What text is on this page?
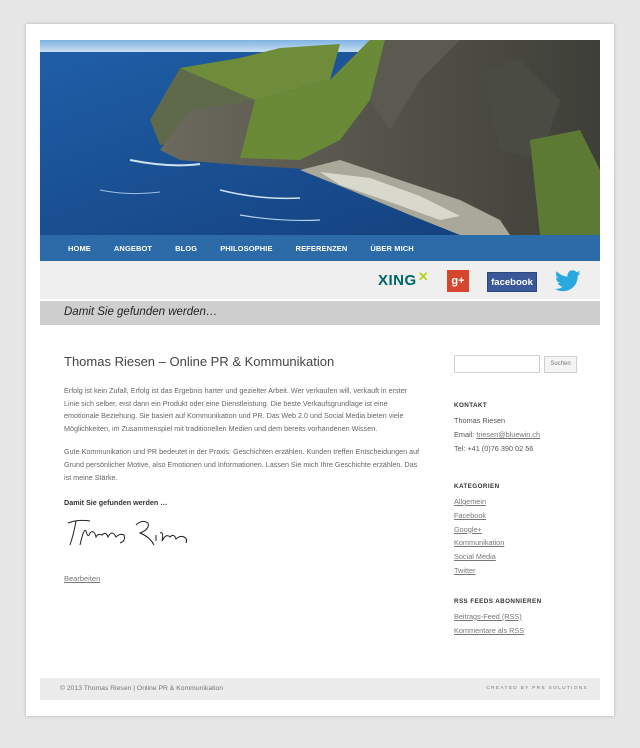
HOME	ANGEBOT	BLOG	PHILOSOPHIE	REFERENZEN	ÜBER MICH
XING✕	g+	facebook
Damit Sie gefunden werden…
Thomas Riesen – Online PR & Kommunikation

Erfolg ist kein Zufall, Erfolg ist das Ergebnis harter und gezielter Arbeit. Wer verkaufen will, verkauft in erster Linie sich selber, erst dann ein Produkt oder eine Dienstleistung. Die beste Verkaufsgrundlage ist eine emotionale Beziehung. Sie basiert auf Kommunikation und PR. Das Web 2.0 und Social Media bieten viele Möglichkeiten, im Zusammenspiel mit traditionellen Medien und dem bereits vorhandenen Wissen.

Gute Kommunikation und PR bedeutet in der Praxis: Geschichten erzählen. Kunden treffen Entscheidungen auf Grund persönlicher Motive, also Emotionen und Informationen. Lassen Sie mich Ihre Geschichte erzählen. Das ist meine Stärke.

Damit Sie gefunden werden …

Bearbeiten
Suchen

KONTAKT

Thomas Riesen
Email: triesen@bluewin.ch
Tel: +41 (0)76 390 02 56

KATEGORIEN

Allgemein
Facebook
Google+
Kommunikation
Social Media
Twitter

RSS FEEDS ABONNIEREN

Beitrags-Feed (RSS)
Kommentare als RSS
© 2013 Thomas Riesen | Online PR & Kommunikation	CREATED BY PRS SOLUTIONS
